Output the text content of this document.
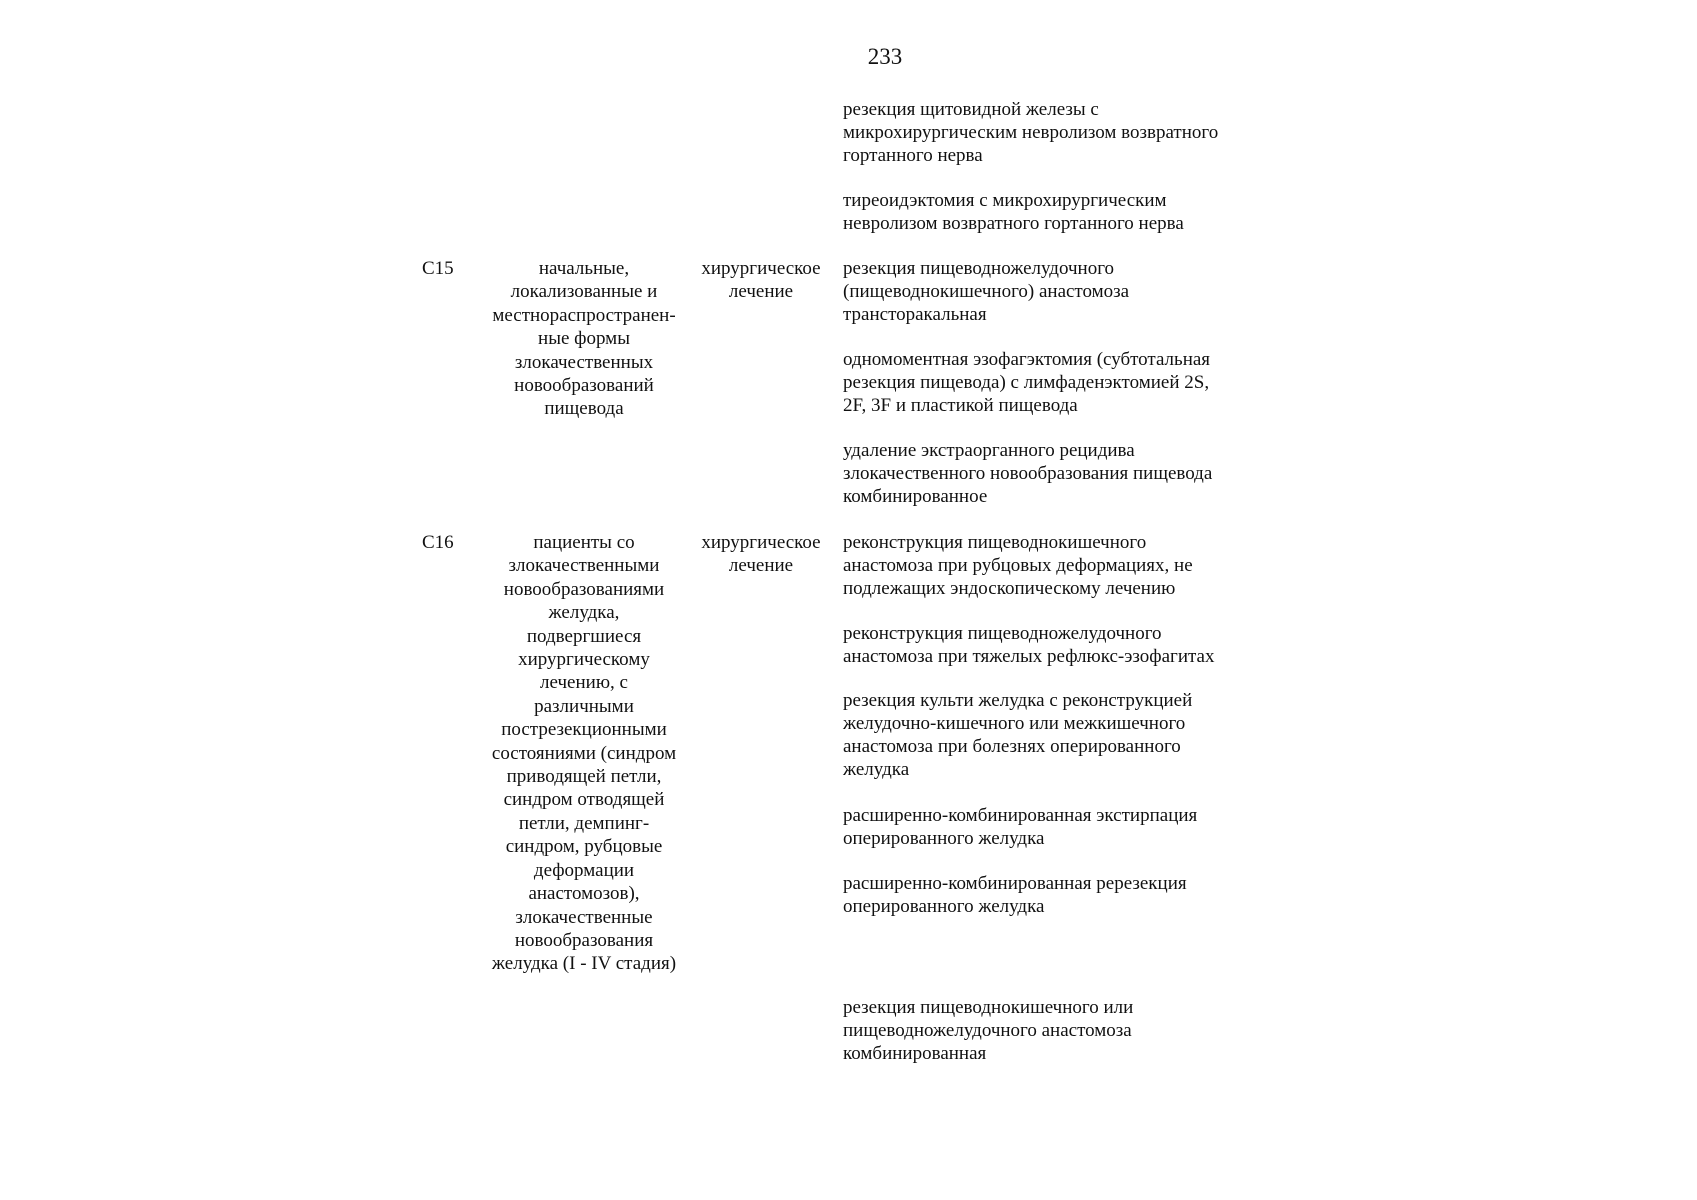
233
резекция щитовидной железы с
микрохирургическим невролизом возвратного
гортанного нерва
тиреоидэктомия с микрохирургическим
невролизом возвратного гортанного нерва
C15	начальные,
локализованные и
местнораспространен-
ные формы
злокачественных
новообразований
пищевода
хирургическое
лечение
резекция пищеводножелудочного
(пищеводнокишечного) анастомоза
трансторакальная
одномоментная эзофагэктомия (субтотальная
резекция пищевода) с лимфаденэктомией 2S,
2F, 3F и пластикой пищевода
удаление экстраорганного рецидива
злокачественного новообразования пищевода
комбинированное
C16	пациенты со
злокачественными
новообразованиями
желудка,
подвергшиеся
хирургическому
лечению, с
различными
пострезекционными
состояниями (синдром
приводящей петли,
синдром отводящей
петли, демпинг-
синдром, рубцовые
деформации
анастомозов),
злокачественные
новообразования
желудка (I - IV стадия)
хирургическое
лечение
реконструкция пищеводнокишечного
анастомоза при рубцовых деформациях, не
подлежащих эндоскопическому лечению
реконструкция пищеводножелудочного
анастомоза при тяжелых рефлюкс-эзофагитах
резекция культи желудка с реконструкцией
желудочно-кишечного или межкишечного
анастомоза при болезнях оперированного
желудка
расширенно-комбинированная экстирпация
оперированного желудка
расширенно-комбинированная ререзекция
оперированного желудка
резекция пищеводнокишечного или
пищеводножелудочного анастомоза
комбинированная
